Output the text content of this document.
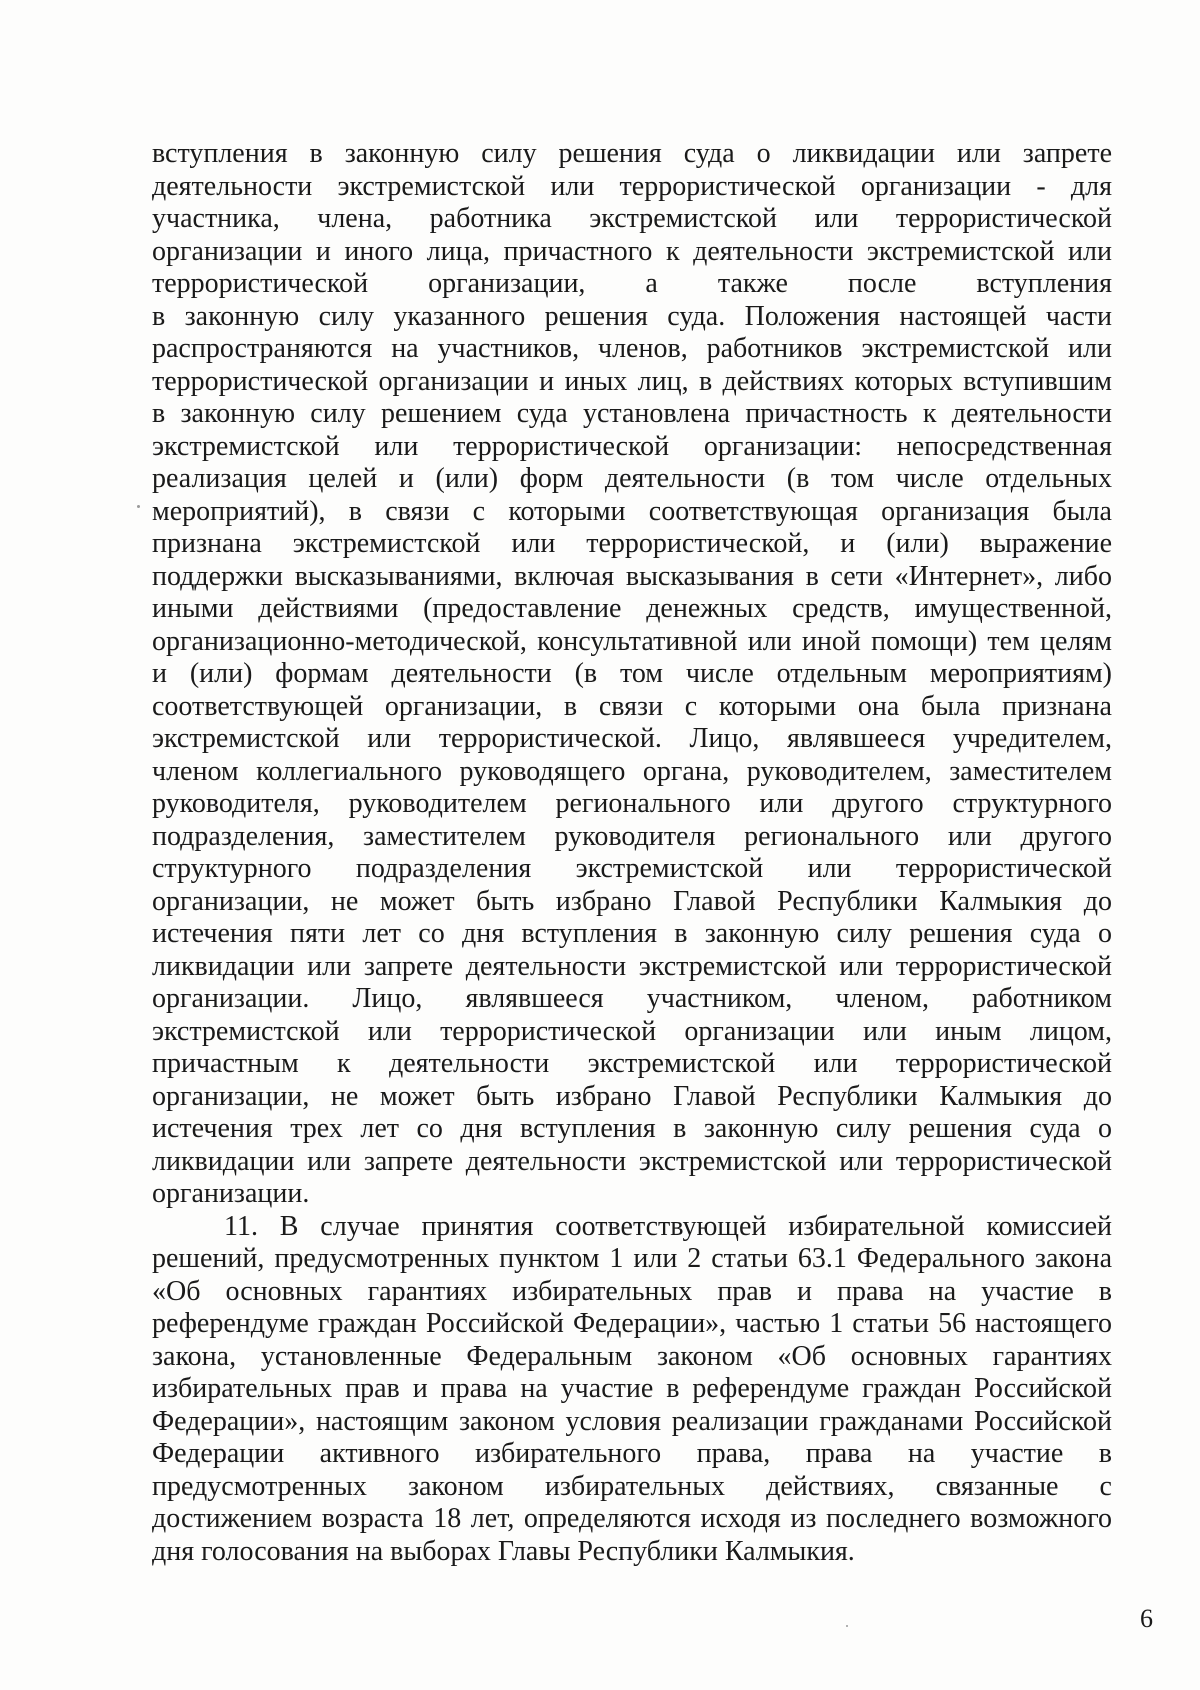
вступления в законную силу решения суда о ликвидации или запрете
деятельности экстремистской или террористической организации - для
участника, члена, работника экстремистской или террористической
организации и иного лица, причастного к деятельности экстремистской или
террористической организации, а также после вступления
в законную силу указанного решения суда. Положения настоящей части
распространяются на участников, членов, работников экстремистской или
террористической организации и иных лиц, в действиях которых вступившим
в законную силу решением суда установлена причастность к деятельности
экстремистской или террористической организации: непосредственная
реализация целей и (или) форм деятельности (в том числе отдельных
мероприятий), в связи с которыми соответствующая организация была
признана экстремистской или террористической, и (или) выражение
поддержки высказываниями, включая высказывания в сети «Интернет», либо
иными действиями (предоставление денежных средств, имущественной,
организационно-методической, консультативной или иной помощи) тем целям
и (или) формам деятельности (в том числе отдельным мероприятиям)
соответствующей организации, в связи с которыми она была признана
экстремистской или террористической. Лицо, являвшееся учредителем,
членом коллегиального руководящего органа, руководителем, заместителем
руководителя, руководителем регионального или другого структурного
подразделения, заместителем руководителя регионального или другого
структурного подразделения экстремистской или террористической
организации, не может быть избрано Главой Республики Калмыкия до
истечения пяти лет со дня вступления в законную силу решения суда о
ликвидации или запрете деятельности экстремистской или террористической
организации. Лицо, являвшееся участником, членом, работником
экстремистской или террористической организации или иным лицом,
причастным к деятельности экстремистской или террористической
организации, не может быть избрано Главой Республики Калмыкия до
истечения трех лет со дня вступления в законную силу решения суда о
ликвидации или запрете деятельности экстремистской или террористической
организации.
11. В случае принятия соответствующей избирательной комиссией
решений, предусмотренных пунктом 1 или 2 статьи 63.1 Федерального закона
«Об основных гарантиях избирательных прав и права на участие в
референдуме граждан Российской Федерации», частью 1 статьи 56 настоящего
закона, установленные Федеральным законом «Об основных гарантиях
избирательных прав и права на участие в референдуме граждан Российской
Федерации», настоящим законом условия реализации гражданами Российской
Федерации активного избирательного права, права на участие в
предусмотренных законом избирательных действиях, связанные с
достижением возраста 18 лет, определяются исходя из последнего возможного
дня голосования на выборах Главы Республики Калмыкия.
6
